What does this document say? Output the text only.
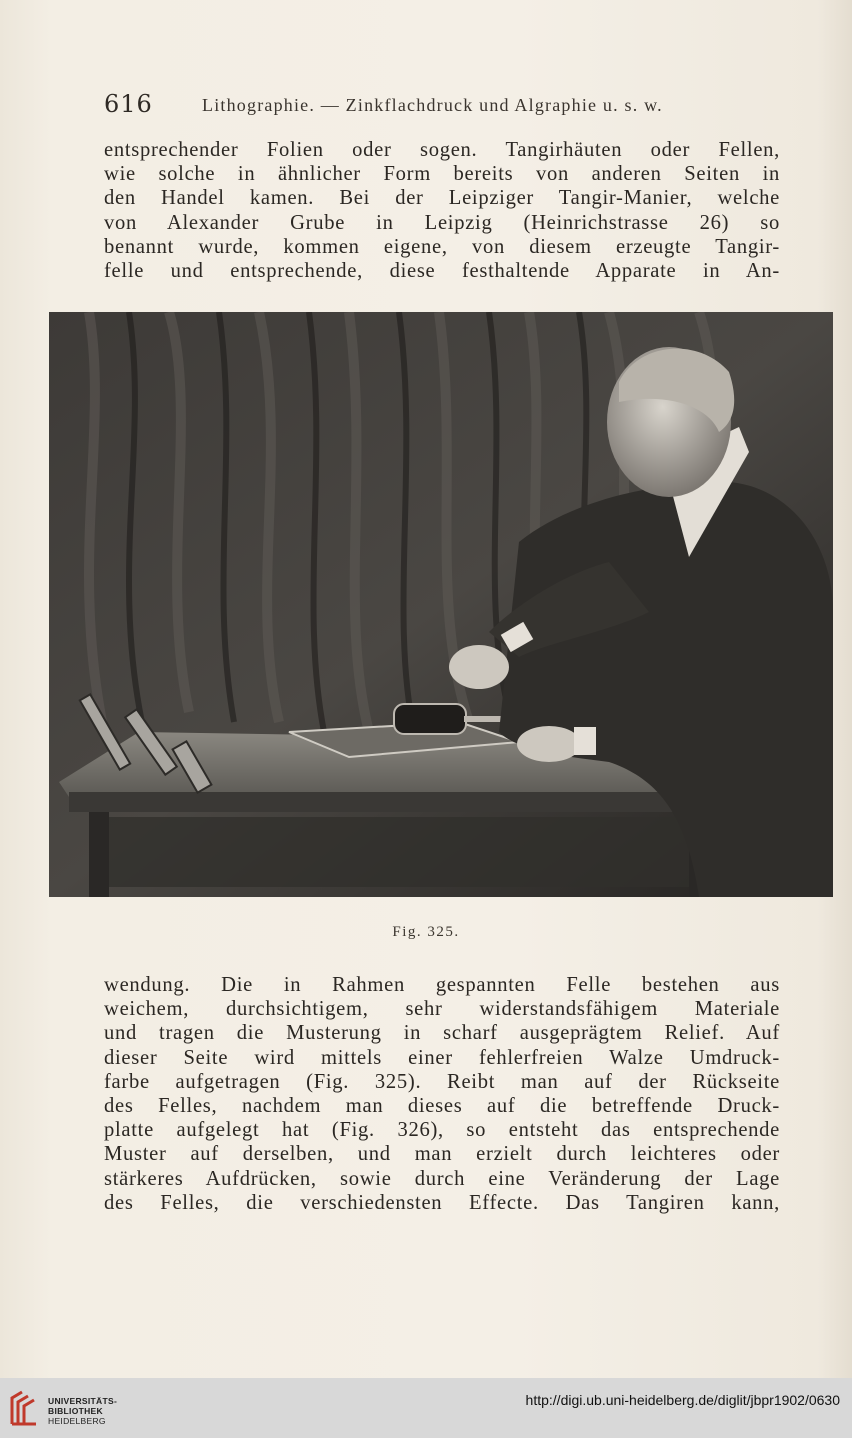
616	Lithographie. — Zinkflachdruck und Algraphie u. s. w.
entsprechender Folien oder sogen. Tangirhäuten oder Fellen,
wie solche in ähnlicher Form bereits von anderen Seiten in
den Handel kamen. Bei der Leipziger Tangir-Manier, welche
von Alexander Grube in Leipzig (Heinrichstrasse 26) so
benannt wurde, kommen eigene, von diesem erzeugte Tangir-
felle und entsprechende, diese festhaltende Apparate in An-
Fig. 325.
wendung. Die in Rahmen gespannten Felle bestehen aus
weichem, durchsichtigem, sehr widerstandsfähigem Materiale
und tragen die Musterung in scharf ausgeprägtem Relief. Auf
dieser Seite wird mittels einer fehlerfreien Walze Umdruck-
farbe aufgetragen (Fig. 325). Reibt man auf der Rückseite
des Felles, nachdem man dieses auf die betreffende Druck-
platte aufgelegt hat (Fig. 326), so entsteht das entsprechende
Muster auf derselben, und man erzielt durch leichteres oder
stärkeres Aufdrücken, sowie durch eine Veränderung der Lage
des Felles, die verschiedensten Effecte. Das Tangiren kann,
UNIVERSITÄTS-
BIBLIOTHEK
HEIDELBERG
http://digi.ub.uni-heidelberg.de/diglit/jbpr1902/0630
